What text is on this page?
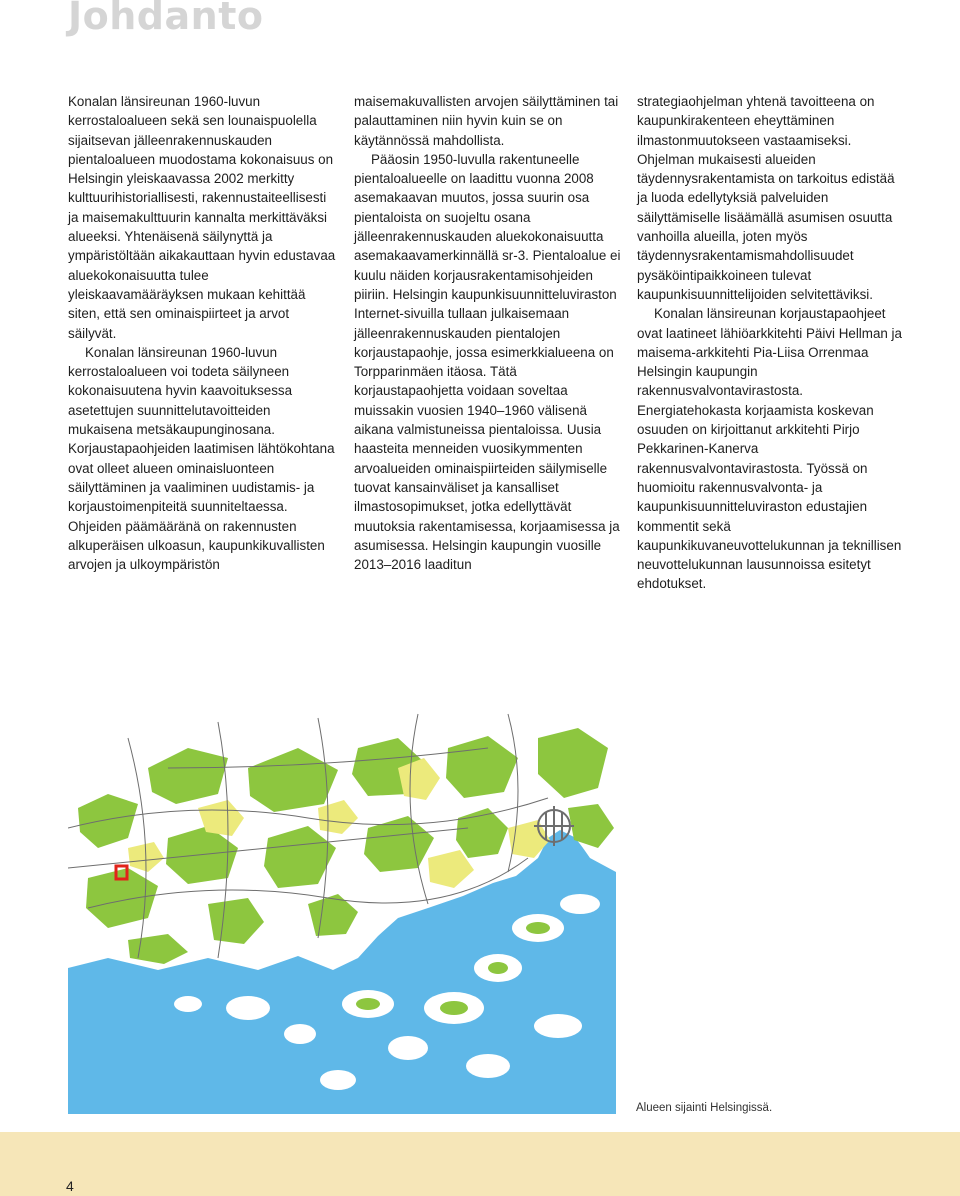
Johdanto

Konalan länsireunan 1960-luvun kerrostaloalueen sekä sen lounaispuolella sijaitsevan jälleenrakennuskauden pientaloalueen muodostama kokonaisuus on Helsingin yleiskaavassa 2002 merkitty kulttuurihistoriallisesti, rakennustaiteellisesti ja maisemakulttuurin kannalta merkittäväksi alueeksi. Yhtenäisenä säilynyttä ja ympäristöltään aikakauttaan hyvin edustavaa aluekokonaisuutta tulee yleiskaavamääräyksen mukaan kehittää siten, että sen ominaispiirteet ja arvot säilyvät.

Konalan länsireunan 1960-luvun kerrostaloalueen voi todeta säilyneen kokonaisuutena hyvin kaavoituksessa asetettujen suunnittelutavoitteiden mukaisena metsäkaupunginosana. Korjaustapaohjeiden laatimisen lähtökohtana ovat olleet alueen ominaisluonteen säilyttäminen ja vaaliminen uudistamis- ja korjaustoimenpiteitä suunniteltaessa. Ohjeiden päämääränä on rakennusten alkuperäisen ulkoasun, kaupunkikuvallisten arvojen ja ulkoympäristön

maisemakuvallisten arvojen säilyttäminen tai palauttaminen niin hyvin kuin se on käytännössä mahdollista.

Pääosin 1950-luvulla rakentuneelle pientaloalueelle on laadittu vuonna 2008 asemakaavan muutos, jossa suurin osa pientaloista on suojeltu osana jälleenrakennuskauden aluekokonaisuutta asemakaavamerkinnällä sr-3. Pientaloalue ei kuulu näiden korjausrakentamisohjeiden piiriin. Helsingin kaupunkisuunnitteluviraston Internet-sivuilla tullaan julkaisemaan jälleenrakennuskauden pientalojen korjaustapaohje, jossa esimerkkialueena on Torpparinmäen itäosa. Tätä korjaustapaohjetta voidaan soveltaa muissakin vuosien 1940–1960 välisenä aikana valmistuneissa pientaloissa. Uusia haasteita menneiden vuosikymmenten arvoalueiden ominaispiirteiden säilymiselle tuovat kansainväliset ja kansalliset ilmastosopimukset, jotka edellyttävät muutoksia rakentamisessa, korjaamisessa ja asumisessa. Helsingin kaupungin vuosille 2013–2016 laaditun

strategiaohjelman yhtenä tavoitteena on kaupunkirakenteen eheyttäminen ilmastonmuutokseen vastaamiseksi. Ohjelman mukaisesti alueiden täydennysrakentamista on tarkoitus edistää ja luoda edellytyksiä palveluiden säilyttämiselle lisäämällä asumisen osuutta vanhoilla alueilla, joten myös täydennysrakentamismahdollisuudet pysäköintipaikkoineen tulevat kaupunkisuunnittelijoiden selvitettäviksi.

Konalan länsireunan korjaustapaohjeet ovat laatineet lähiöarkkitehti Päivi Hellman ja maisema-arkkitehti Pia-Liisa Orrenmaa Helsingin kaupungin rakennusvalvontavirastosta. Energiatehokasta korjaamista koskevan osuuden on kirjoittanut arkkitehti Pirjo Pekkarinen-Kanerva rakennusvalvontavirastosta. Työssä on huomioitu rakennusvalvonta- ja kaupunkisuunnitteluviraston edustajien kommentit sekä kaupunkikuvaneuvottelukunnan ja teknillisen neuvottelukunnan lausunnoissa esitetyt ehdotukset.

Alueen sijainti Helsingissä.

4
